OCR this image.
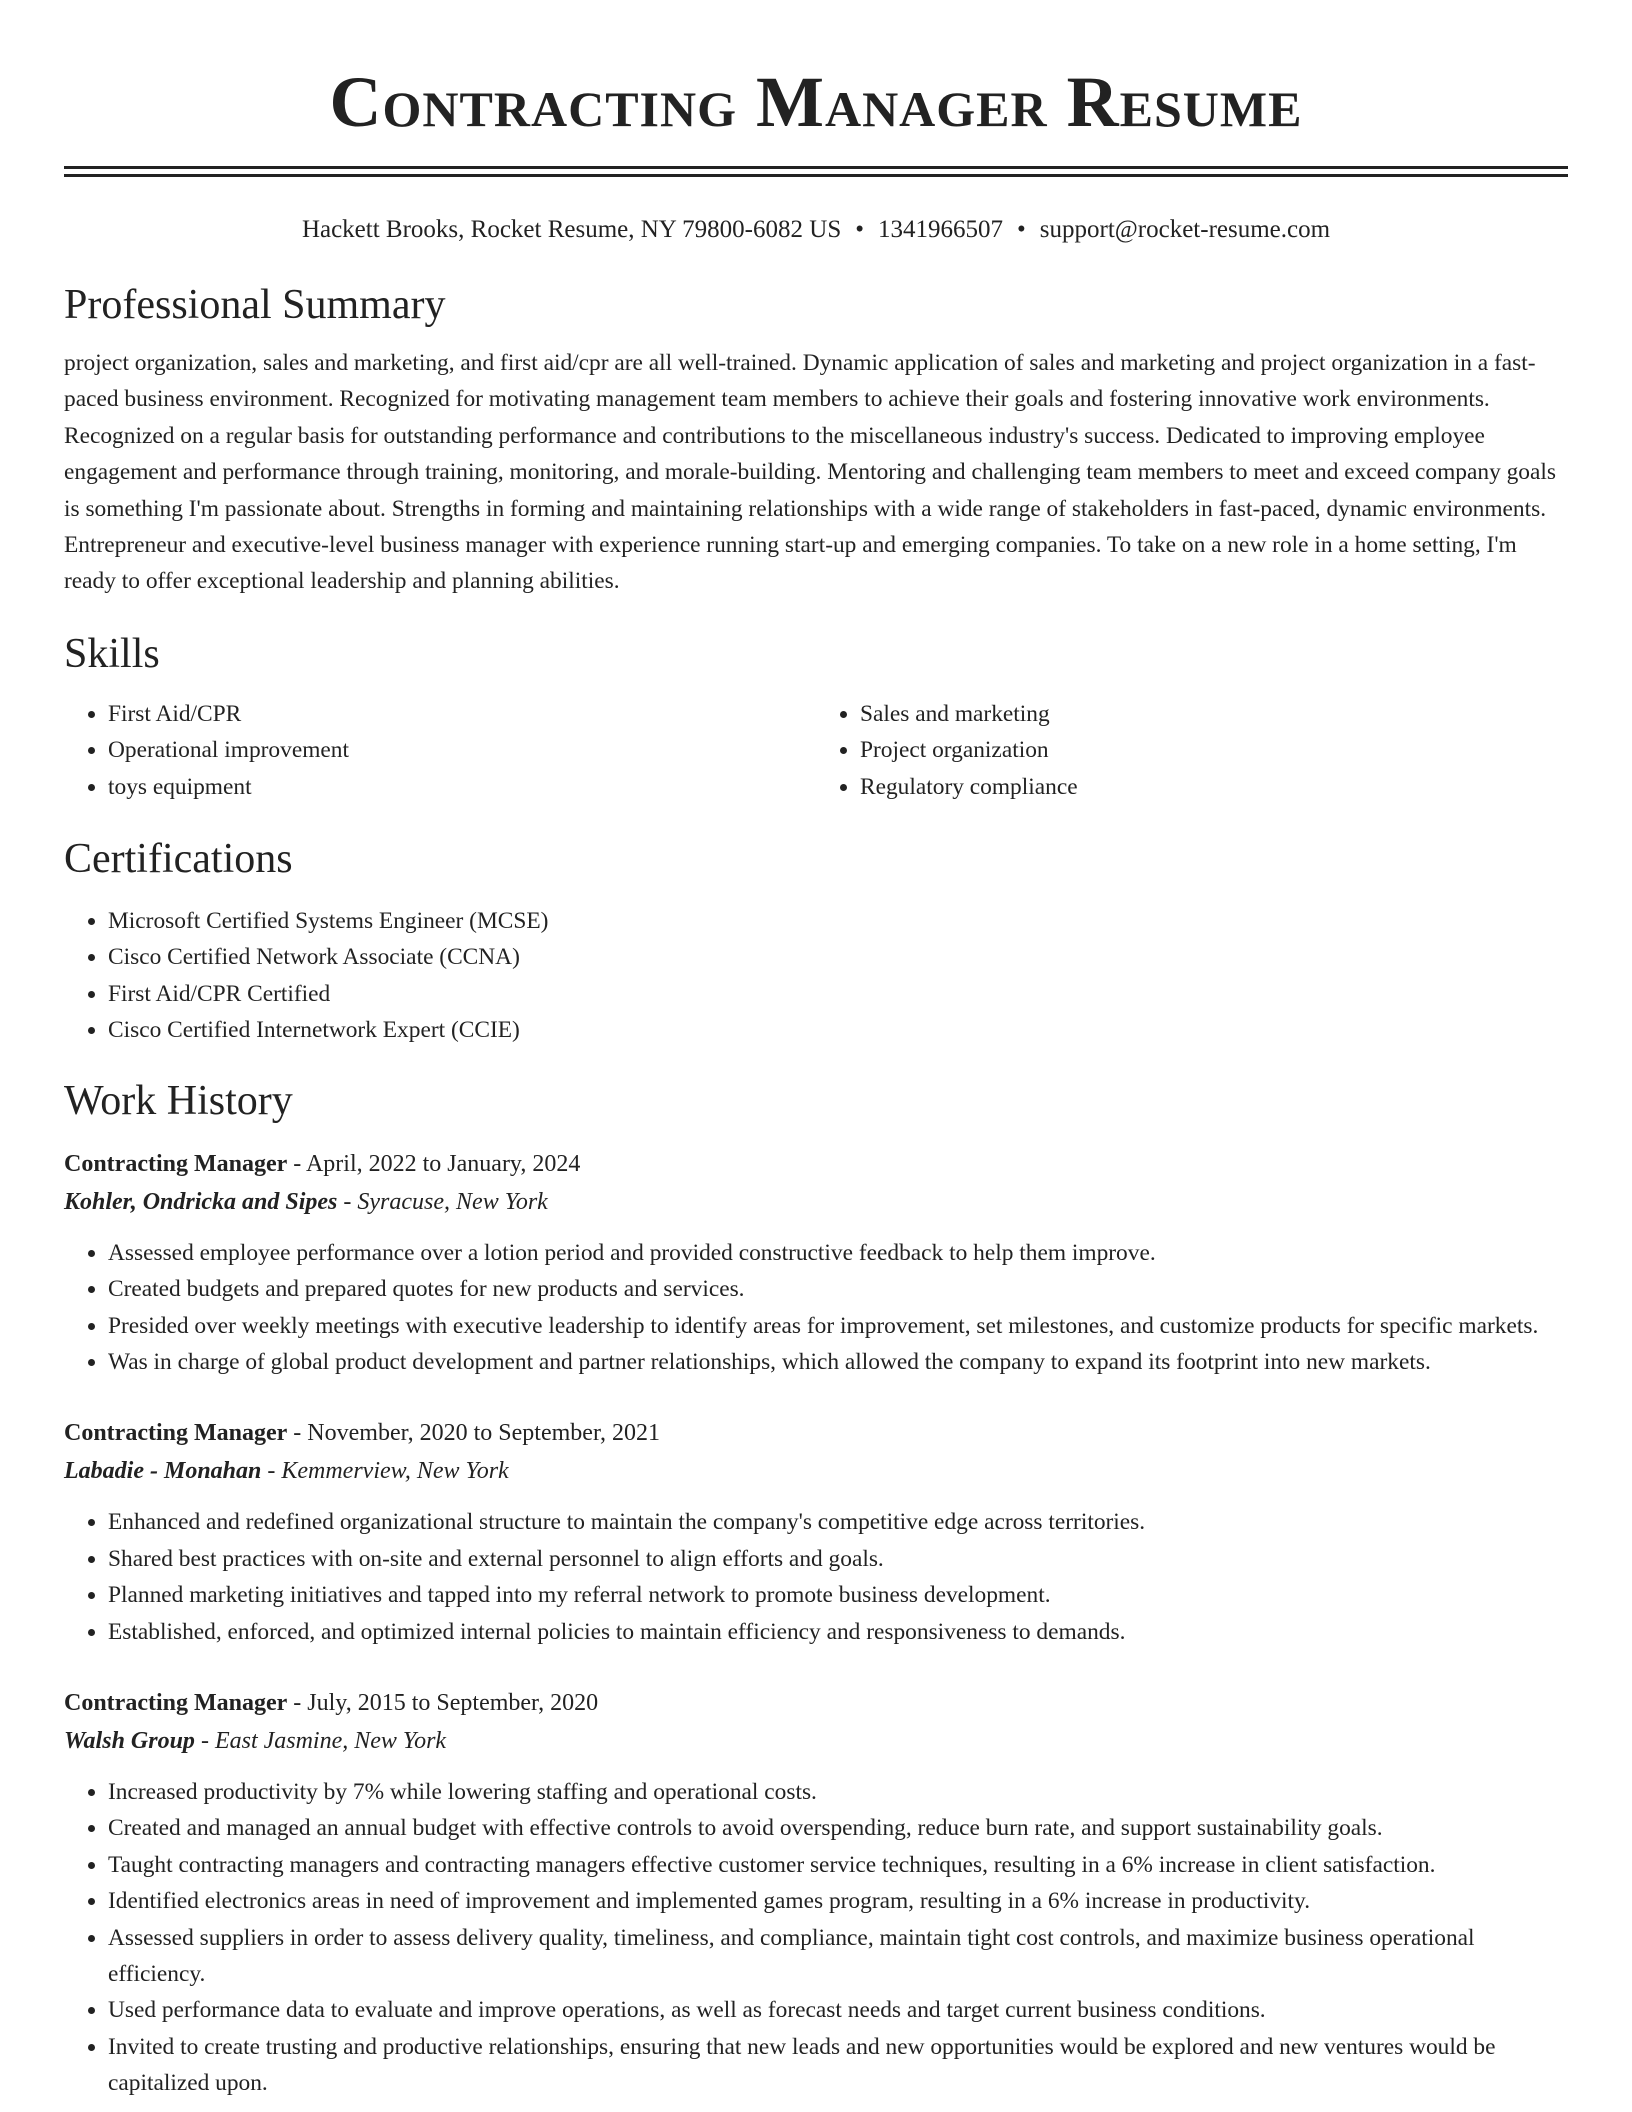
Contracting Manager Resume
Hackett Brooks, Rocket Resume, NY 79800-6082 US • 1341966507 • support@rocket-resume.com
Professional Summary

project organization, sales and marketing, and first aid/cpr are all well-trained. Dynamic application of sales and marketing and project organization in a fast-paced business environment. Recognized for motivating management team members to achieve their goals and fostering innovative work environments. Recognized on a regular basis for outstanding performance and contributions to the miscellaneous industry's success. Dedicated to improving employee engagement and performance through training, monitoring, and morale-building. Mentoring and challenging team members to meet and exceed company goals is something I'm passionate about. Strengths in forming and maintaining relationships with a wide range of stakeholders in fast-paced, dynamic environments. Entrepreneur and executive-level business manager with experience running start-up and emerging companies. To take on a new role in a home setting, I'm ready to offer exceptional leadership and planning abilities.

Skills
• First Aid/CPR
• Operational improvement
• toys equipment
• Sales and marketing
• Project organization
• Regulatory compliance
Certifications
• Microsoft Certified Systems Engineer (MCSE)
• Cisco Certified Network Associate (CCNA)
• First Aid/CPR Certified
• Cisco Certified Internetwork Expert (CCIE)
Work History
Contracting Manager - April, 2022 to January, 2024
Kohler, Ondricka and Sipes - Syracuse, New York
• Assessed employee performance over a lotion period and provided constructive feedback to help them improve.
• Created budgets and prepared quotes for new products and services.
• Presided over weekly meetings with executive leadership to identify areas for improvement, set milestones, and customize products for specific markets.
• Was in charge of global product development and partner relationships, which allowed the company to expand its footprint into new markets.
Contracting Manager - November, 2020 to September, 2021
Labadie - Monahan - Kemmerview, New York
• Enhanced and redefined organizational structure to maintain the company's competitive edge across territories.
• Shared best practices with on-site and external personnel to align efforts and goals.
• Planned marketing initiatives and tapped into my referral network to promote business development.
• Established, enforced, and optimized internal policies to maintain efficiency and responsiveness to demands.
Contracting Manager - July, 2015 to September, 2020
Walsh Group - East Jasmine, New York
• Increased productivity by 7% while lowering staffing and operational costs.
• Created and managed an annual budget with effective controls to avoid overspending, reduce burn rate, and support sustainability goals.
• Taught contracting managers and contracting managers effective customer service techniques, resulting in a 6% increase in client satisfaction.
• Identified electronics areas in need of improvement and implemented games program, resulting in a 6% increase in productivity.
• Assessed suppliers in order to assess delivery quality, timeliness, and compliance, maintain tight cost controls, and maximize business operational efficiency.
• Used performance data to evaluate and improve operations, as well as forecast needs and target current business conditions.
• Invited to create trusting and productive relationships, ensuring that new leads and new opportunities would be explored and new ventures would be capitalized upon.
